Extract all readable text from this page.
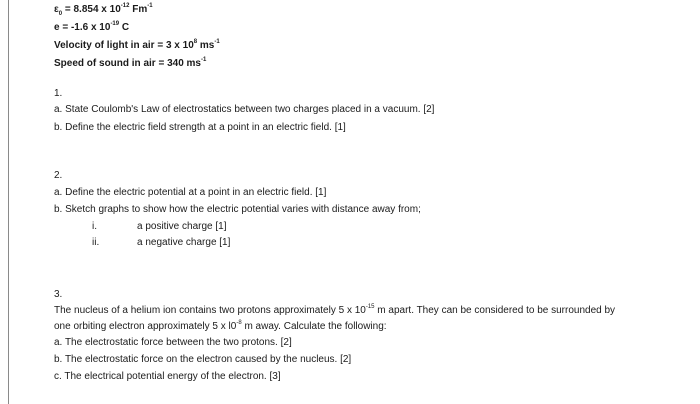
$\varepsilon_0 = 8.854$ x $10^{-12}$ $Fm^{-1}$
e = -1.6 x $10^{-19}$ C
Velocity of light in air = 3 x $10^8$ $ms^{-1}$
Speed of sound in air = 340 $ms^{-1}$
1.
a. State Coulomb's Law of electrostatics between two charges placed in a vacuum. [2]
b. Define the electric field strength at a point in an electric field. [1]
2.
a. Define the electric potential at a point in an electric field. [1]
b. Sketch graphs to show how the electric potential varies with distance away from;
i.	a positive charge [1]
ii.	a negative charge [1]
3.
The nucleus of a helium ion contains two protons approximately 5 x $10^{-15}$ m apart. They can be considered to be surrounded by
one orbiting electron approximately 5 x $l0^{-8}$ m away. Calculate the following:
a. The electrostatic force between the two protons. [2]
b. The electrostatic force on the electron caused by the nucleus. [2]
c. The electrical potential energy of the electron. [3]
